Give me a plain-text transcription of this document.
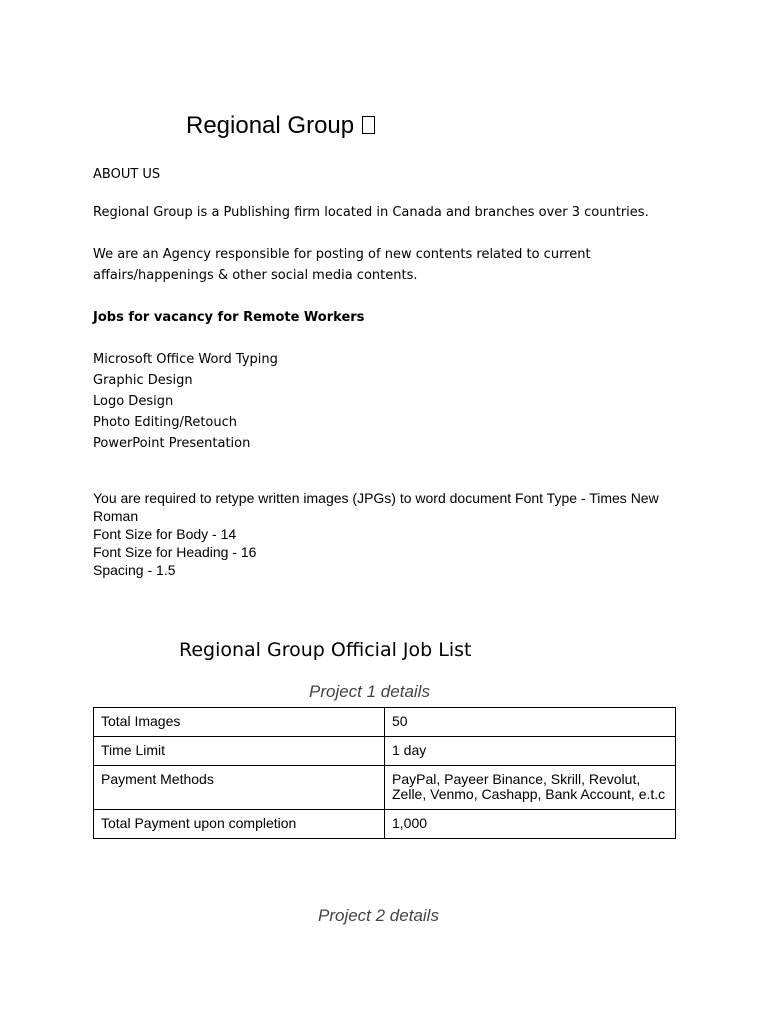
Regional Group
ABOUT US
Regional Group is a Publishing firm located in Canada and branches over 3 countries.
We are an Agency responsible for posting of new contents related to current affairs/happenings & other social media contents.
Jobs for vacancy for Remote Workers
Microsoft Office Word Typing
Graphic Design
Logo Design
Photo Editing/Retouch
PowerPoint Presentation
You are required to retype written images (JPGs) to word document Font Type - Times New Roman
Font Size for Body - 14
Font Size for Heading - 16
Spacing - 1.5
Regional Group Official Job List
Project 1 details
Total Images	50
Time Limit	1 day
Payment Methods	PayPal, Payeer Binance, Skrill, Revolut, Zelle, Venmo, Cashapp, Bank Account, e.t.c
Total Payment upon completion	1,000
Project 2 details
